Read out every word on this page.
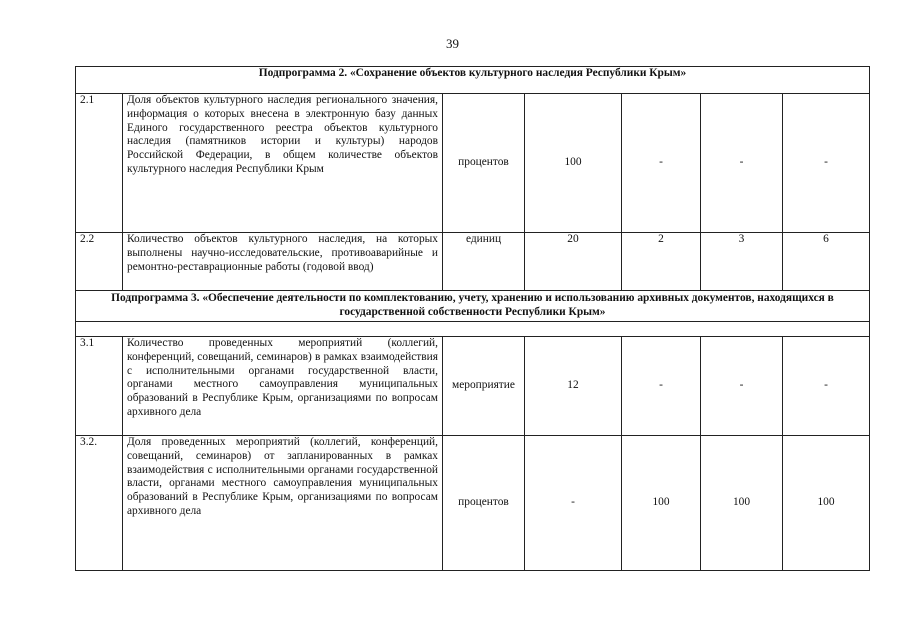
39
Подпрограмма 2. «Сохранение объектов культурного наследия Республики Крым»						
2.1	Доля объектов культурного наследия регионального значения, информация о которых внесена в электронную базу данных Единого государственного реестра объектов культурного наследия (памятников истории и культуры) народов Российской Федерации, в общем количестве объектов культурного наследия Республики Крым	процентов	100	-	-	-
2.2	Количество объектов культурного наследия, на которых выполнены научно-исследовательские, противоаварийные и ремонтно-реставрационные работы (годовой ввод)	единиц	20	2	3	6
Подпрограмма 3. «Обеспечение деятельности по комплектованию, учету, хранению и использованию архивных документов, находящихся в государственной собственности Республики Крым»						

3.1	Количество проведенных мероприятий (коллегий, конференций, совещаний, семинаров) в рамках взаимодействия с исполнительными органами государственной власти, органами местного самоуправления муниципальных образований в Республике Крым, организациями по вопросам архивного дела	мероприятие	12	-	-	-
3.2.	Доля проведенных мероприятий (коллегий, конференций, совещаний, семинаров) от запланированных в рамках взаимодействия с исполнительными органами государственной власти, органами местного самоуправления муниципальных образований в Республике Крым, организациями по вопросам архивного дела	процентов	-	100	100	100
